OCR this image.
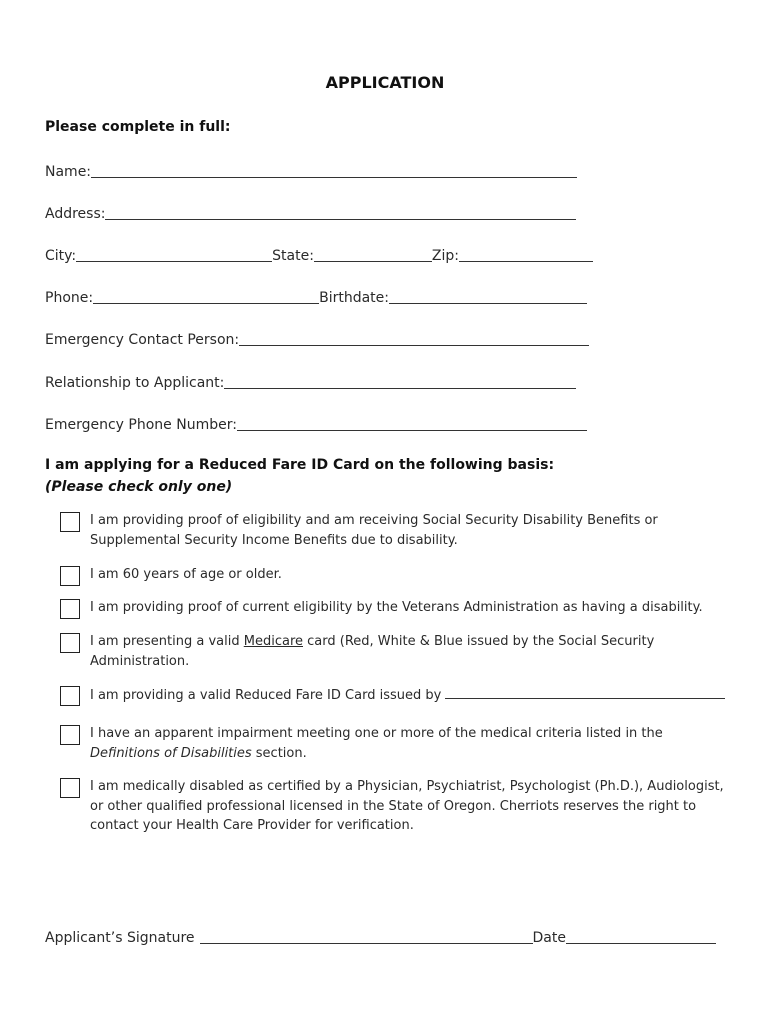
APPLICATION
Please complete in full:
Name:
Address:
City:	State:	Zip:
Phone:	Birthdate:
Emergency Contact Person:
Relationship to Applicant:
Emergency Phone Number:
I am applying for a Reduced Fare ID Card on the following basis:
(Please check only one)
I am providing proof of eligibility and am receiving Social Security Disability Benefits or Supplemental Security Income Benefits due to disability.
I am 60 years of age or older.
I am providing proof of current eligibility by the Veterans Administration as having a disability.
I am presenting a valid Medicare card (Red, White & Blue issued by the Social Security Administration.
I am providing a valid Reduced Fare ID Card issued by
I have an apparent impairment meeting one or more of the medical criteria listed in the Definitions of Disabilities section.
I am medically disabled as certified by a Physician, Psychiatrist, Psychologist (Ph.D.), Audiologist, or other qualified professional licensed in the State of Oregon. Cherriots reserves the right to contact your Health Care Provider for verification.
Applicant’s Signature	Date
